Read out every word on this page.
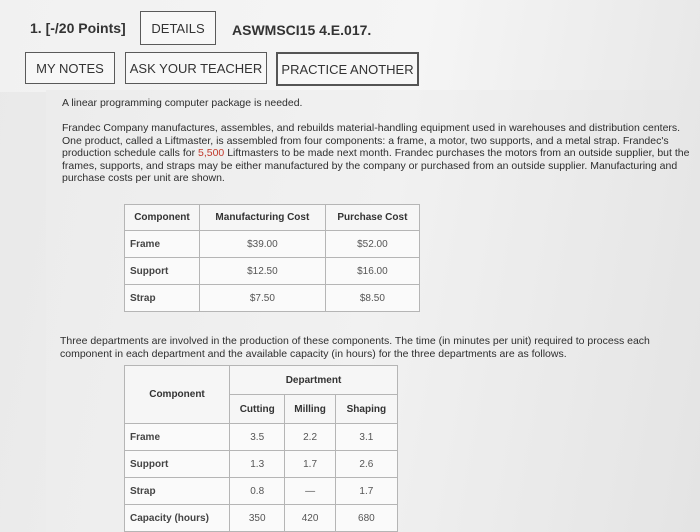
1. [-/20 Points]	DETAILS	ASWMSCI15 4.E.017.
MY NOTES	ASK YOUR TEACHER	PRACTICE ANOTHER
A linear programming computer package is needed.
Frandec Company manufactures, assembles, and rebuilds material-handling equipment used in warehouses and distribution centers. One product, called a Liftmaster, is assembled from four components: a frame, a motor, two supports, and a metal strap. Frandec's production schedule calls for 5,500 Liftmasters to be made next month. Frandec purchases the motors from an outside supplier, but the frames, supports, and straps may be either manufactured by the company or purchased from an outside supplier. Manufacturing and purchase costs per unit are shown.
Component	Manufacturing Cost	Purchase Cost
Frame	$39.00	$52.00
Support	$12.50	$16.00
Strap	$7.50	$8.50
Three departments are involved in the production of these components. The time (in minutes per unit) required to process each component in each department and the available capacity (in hours) for the three departments are as follows.
Component	Department		
	Cutting	Milling	Shaping
Frame	3.5	2.2	3.1
Support	1.3	1.7	2.6
Strap	0.8	—	1.7
Capacity (hours)	350	420	680
